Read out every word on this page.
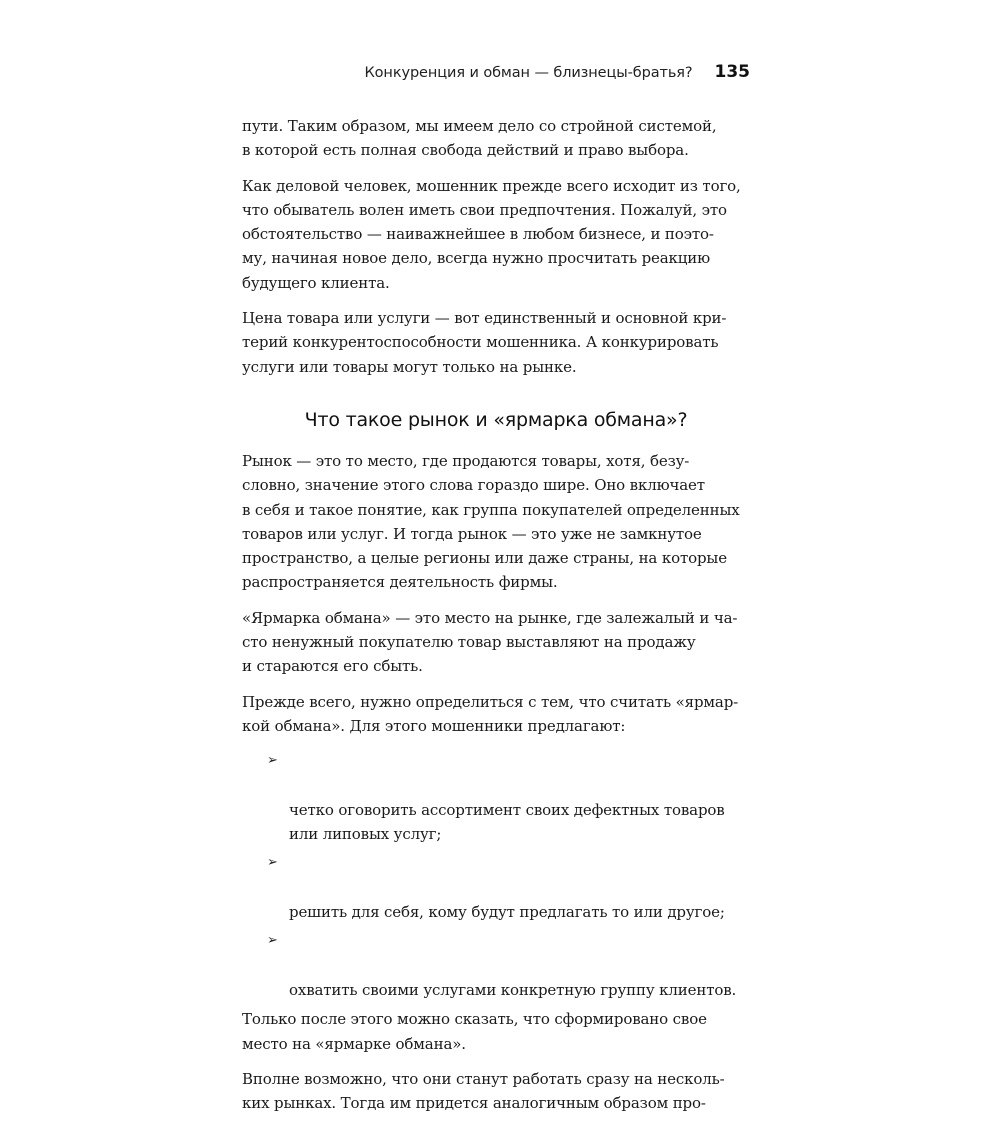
Конкуренция и обман — близнецы-братья? 135

пути. Таким образом, мы имеем дело со стройной системой,
в которой есть полная свобода действий и право выбора.

Как деловой человек, мошенник прежде всего исходит из того,
что обыватель волен иметь свои предпочтения. Пожалуй, это
обстоятельство — наиважнейшее в любом бизнесе, и поэто-
му, начиная новое дело, всегда нужно просчитать реакцию
будущего клиента.

Цена товара или услуги — вот единственный и основной кри-
терий конкурентоспособности мошенника. А конкурировать
услуги или товары могут только на рынке.

Что такое рынок и «ярмарка обмана»?

Рынок — это то место, где продаются товары, хотя, безу-
словно, значение этого слова гораздо шире. Оно включает
в себя и такое понятие, как группа покупателей определенных
товаров или услуг. И тогда рынок — это уже не замкнутое
пространство, а целые регионы или даже страны, на которые
распространяется деятельность фирмы.

«Ярмарка обмана» — это место на рынке, где залежалый и ча-
сто ненужный покупателю товар выставляют на продажу
и стараются его сбыть.

Прежде всего, нужно определиться с тем, что считать «ярмар-
кой обмана». Для этого мошенники предлагают:

➢

четко оговорить ассортимент своих дефектных товаров
или липовых услуг;

➢

решить для себя, кому будут предлагать то или другое;

➢

охватить своими услугами конкретную группу клиентов.

Только после этого можно сказать, что сформировано свое
место на «ярмарке обмана».

Вполне возможно, что они станут работать сразу на несколь-
ких рынках. Тогда им придется аналогичным образом про-
